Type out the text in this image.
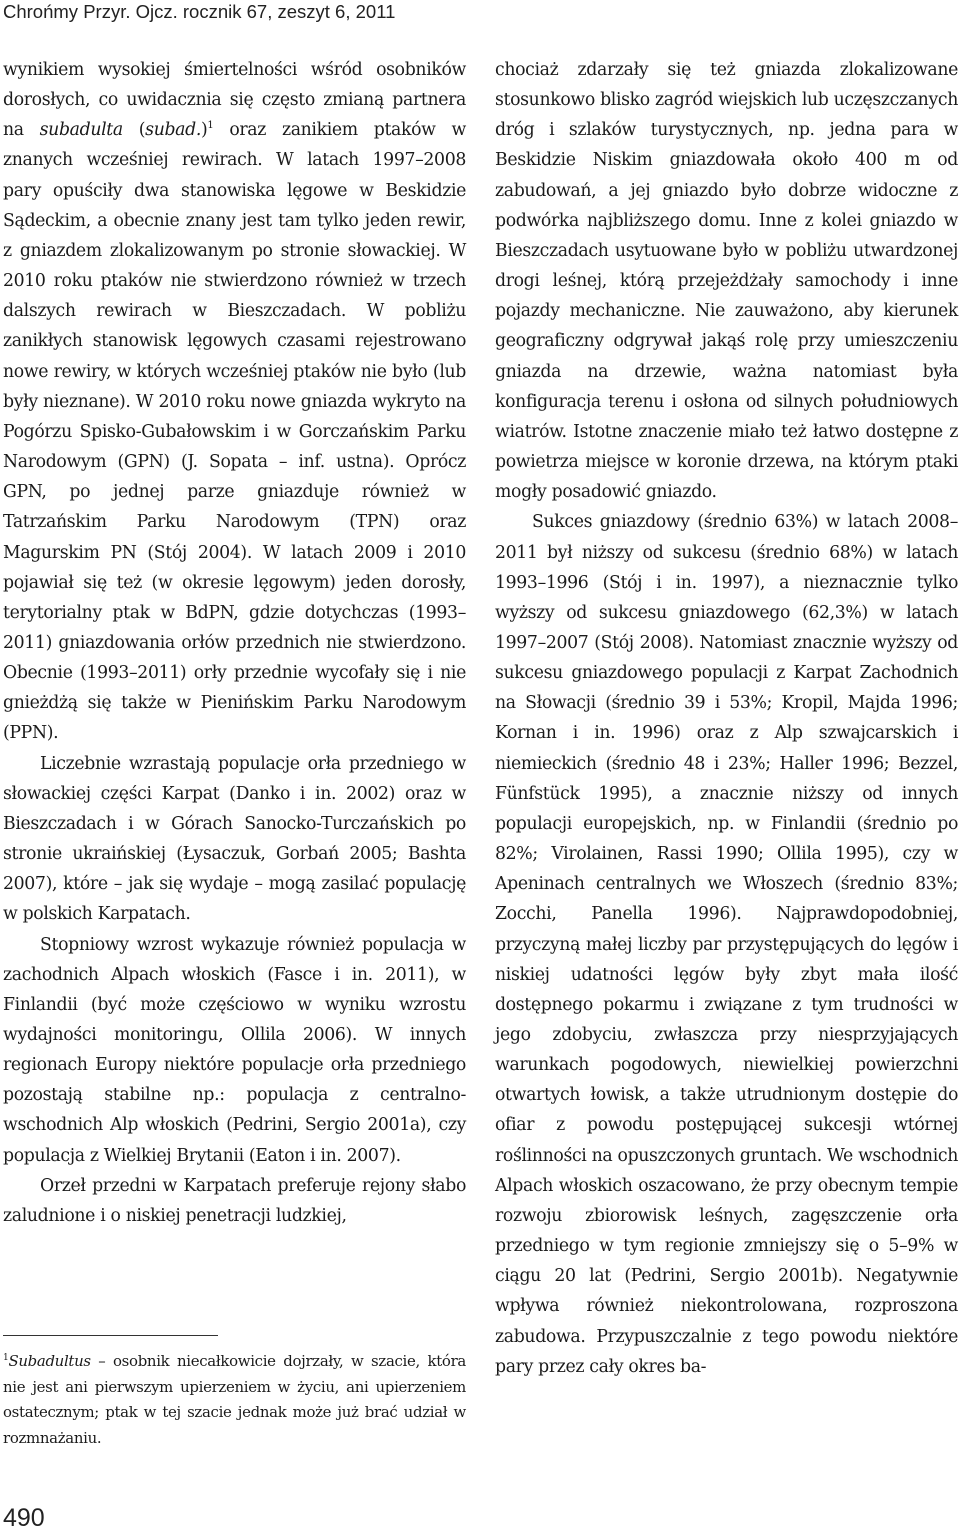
Chrońmy Przyr. Ojcz. rocznik 67, zeszyt 6, 2011

wynikiem wysokiej śmiertelności wśród osobników dorosłych, co uwidacznia się często zmianą partnera na subadulta (subad.)$^1$ oraz zanikiem ptaków w znanych wcześniej rewirach. W latach 1997–2008 pary opuściły dwa stanowiska lęgowe w Beskidzie Sądeckim, a obecnie znany jest tam tylko jeden rewir, z gniazdem zlokalizowanym po stronie słowackiej. W 2010 roku ptaków nie stwierdzono również w trzech dalszych rewirach w Bieszczadach. W pobliżu zanikłych stanowisk lęgowych czasami rejestrowano nowe rewiry, w których wcześniej ptaków nie było (lub były nieznane). W 2010 roku nowe gniazda wykryto na Pogórzu Spisko-Gubałowskim i w Gorczańskim Parku Narodowym (GPN) (J. Sopata – inf. ustna). Oprócz GPN, po jednej parze gniazduje również w Tatrzańskim Parku Narodowym (TPN) oraz Magurskim PN (Stój 2004). W latach 2009 i 2010 pojawiał się też (w okresie lęgowym) jeden dorosły, terytorialny ptak w BdPN, gdzie dotychczas (1993–2011) gniazdowania orłów przednich nie stwierdzono. Obecnie (1993–2011) orły przednie wycofały się i nie gnieżdżą się także w Pienińskim Parku Narodowym (PPN).

Liczebnie wzrastają populacje orła przedniego w słowackiej części Karpat (Danko i in. 2002) oraz w Bieszczadach i w Górach Sanocko-Turczańskich po stronie ukraińskiej (Łysaczuk, Gorbań 2005; Bashta 2007), które – jak się wydaje – mogą zasilać populację w polskich Karpatach.

Stopniowy wzrost wykazuje również populacja w zachodnich Alpach włoskich (Fasce i in. 2011), w Finlandii (być może częściowo w wyniku wzrostu wydajności monitoringu, Ollila 2006). W innych regionach Europy niektóre populacje orła przedniego pozostają stabilne np.: populacja z centralno-wschodnich Alp włoskich (Pedrini, Sergio 2001a), czy populacja z Wielkiej Brytanii (Eaton i in. 2007).

Orzeł przedni w Karpatach preferuje rejony słabo zaludnione i o niskiej penetracji ludzkiej,

chociaż zdarzały się też gniazda zlokalizowane stosunkowo blisko zagród wiejskich lub uczęszczanych dróg i szlaków turystycznych, np. jedna para w Beskidzie Niskim gniazdowała około 400 m od zabudowań, a jej gniazdo było dobrze widoczne z podwórka najbliższego domu. Inne z kolei gniazdo w Bieszczadach usytuowane było w pobliżu utwardzonej drogi leśnej, którą przejeżdżały samochody i inne pojazdy mechaniczne. Nie zauważono, aby kierunek geograficzny odgrywał jakąś rolę przy umieszczeniu gniazda na drzewie, ważna natomiast była konfiguracja terenu i osłona od silnych południowych wiatrów. Istotne znaczenie miało też łatwo dostępne z powietrza miejsce w koronie drzewa, na którym ptaki mogły posadowić gniazdo.

Sukces gniazdowy (średnio 63%) w latach 2008–2011 był niższy od sukcesu (średnio 68%) w latach 1993–1996 (Stój i in. 1997), a nieznacznie tylko wyższy od sukcesu gniazdowego (62,3%) w latach 1997–2007 (Stój 2008). Natomiast znacznie wyższy od sukcesu gniazdowego populacji z Karpat Zachodnich na Słowacji (średnio 39 i 53%; Kropil, Majda 1996; Kornan i in. 1996) oraz z Alp szwajcarskich i niemieckich (średnio 48 i 23%; Haller 1996; Bezzel, Fünfstück 1995), a znacznie niższy od innych populacji europejskich, np. w Finlandii (średnio po 82%; Virolainen, Rassi 1990; Ollila 1995), czy w Apeninach centralnych we Włoszech (średnio 83%; Zocchi, Panella 1996). Najprawdopodobniej, przyczyną małej liczby par przystępujących do lęgów i niskiej udatności lęgów były zbyt mała ilość dostępnego pokarmu i związane z tym trudności w jego zdobyciu, zwłaszcza przy niesprzyjających warunkach pogodowych, niewielkiej powierzchni otwartych łowisk, a także utrudnionym dostępie do ofiar z powodu postępującej sukcesji wtórnej roślinności na opuszczonych gruntach. We wschodnich Alpach włoskich oszacowano, że przy obecnym tempie rozwoju zbiorowisk leśnych, zagęszczenie orła przedniego w tym regionie zmniejszy się o 5–9% w ciągu 20 lat (Pedrini, Sergio 2001b). Negatywnie wpływa również niekontrolowana, rozproszona zabudowa. Przypuszczalnie z tego powodu niektóre pary przez cały okres ba-

$^1$Subadultus – osobnik niecałkowicie dojrzały, w szacie, która nie jest ani pierwszym upierzeniem w życiu, ani upierzeniem ostatecznym; ptak w tej szacie jednak może już brać udział w rozmnażaniu.
490
